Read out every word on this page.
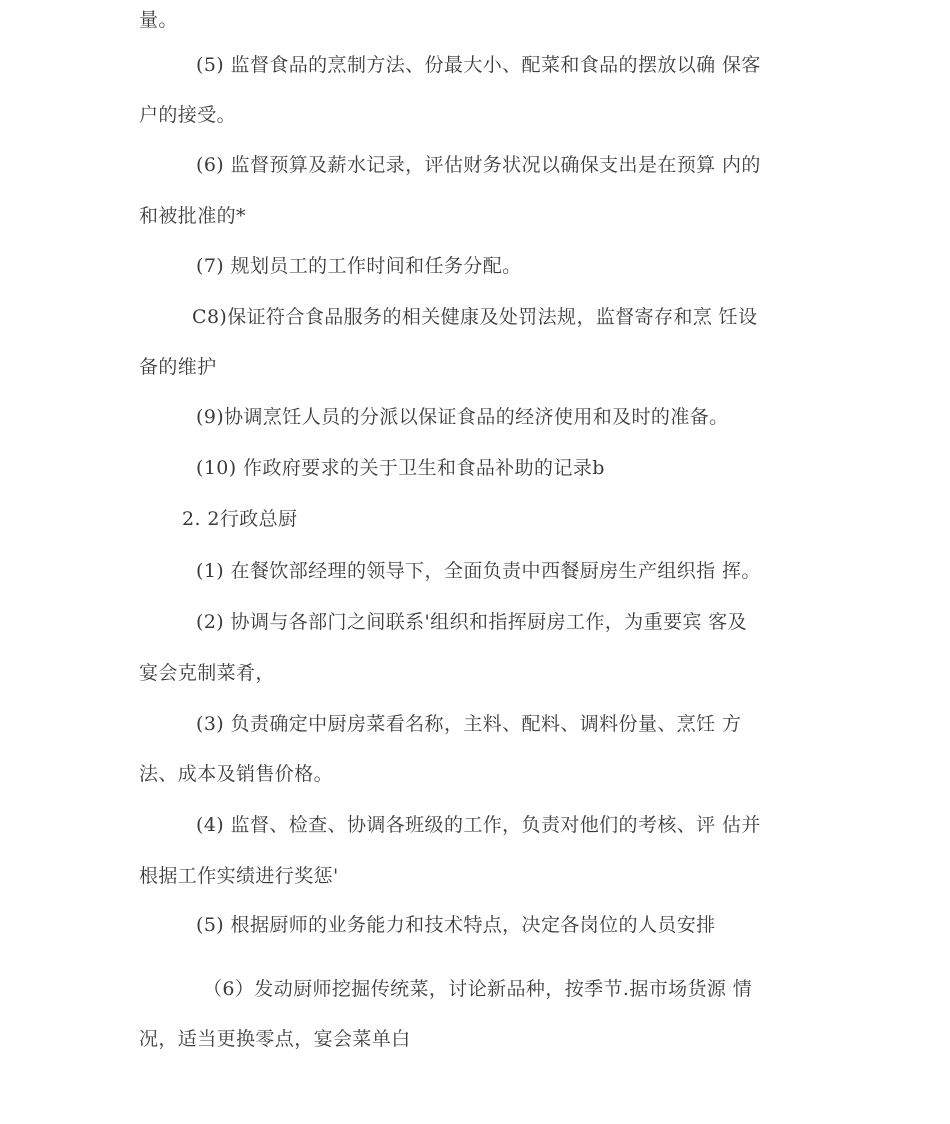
量。
(5) 监督食品的烹制方法、份最大小、配菜和食品的摆放以确 保客
户的接受。
(6) 监督预算及薪水记录，评估财务状况以确保支出是在预算 内的
和被批准的*
(7) 规划员工的工作时间和任务分配。
C8)保证符合食品服务的相关健康及处罚法规，监督寄存和烹 饪设
备的维护
(9)协调烹饪人员的分派以保证食品的经济使用和及时的准备。
(10) 作政府要求的关于卫生和食品补助的记录b
2. 2行政总厨
(1) 在餐饮部经理的领导下，全面负责中西餐厨房生产组织指 挥。
(2) 协调与各部门之间联系'组织和指挥厨房工作，为重要宾 客及
宴会克制菜肴，
(3) 负责确定中厨房菜看名称，主料、配料、调料份量、烹饪 方
法、成本及销售价格。
(4) 监督、检查、协调各班级的工作，负责对他们的考核、评 估并
根据工作实绩进行奖惩'
(5) 根据厨师的业务能力和技术特点，决定各岗位的人员安排
（6）发动厨师挖掘传统菜，讨论新品种，按季节.据市场货源 情
况，适当更换零点，宴会菜单白
